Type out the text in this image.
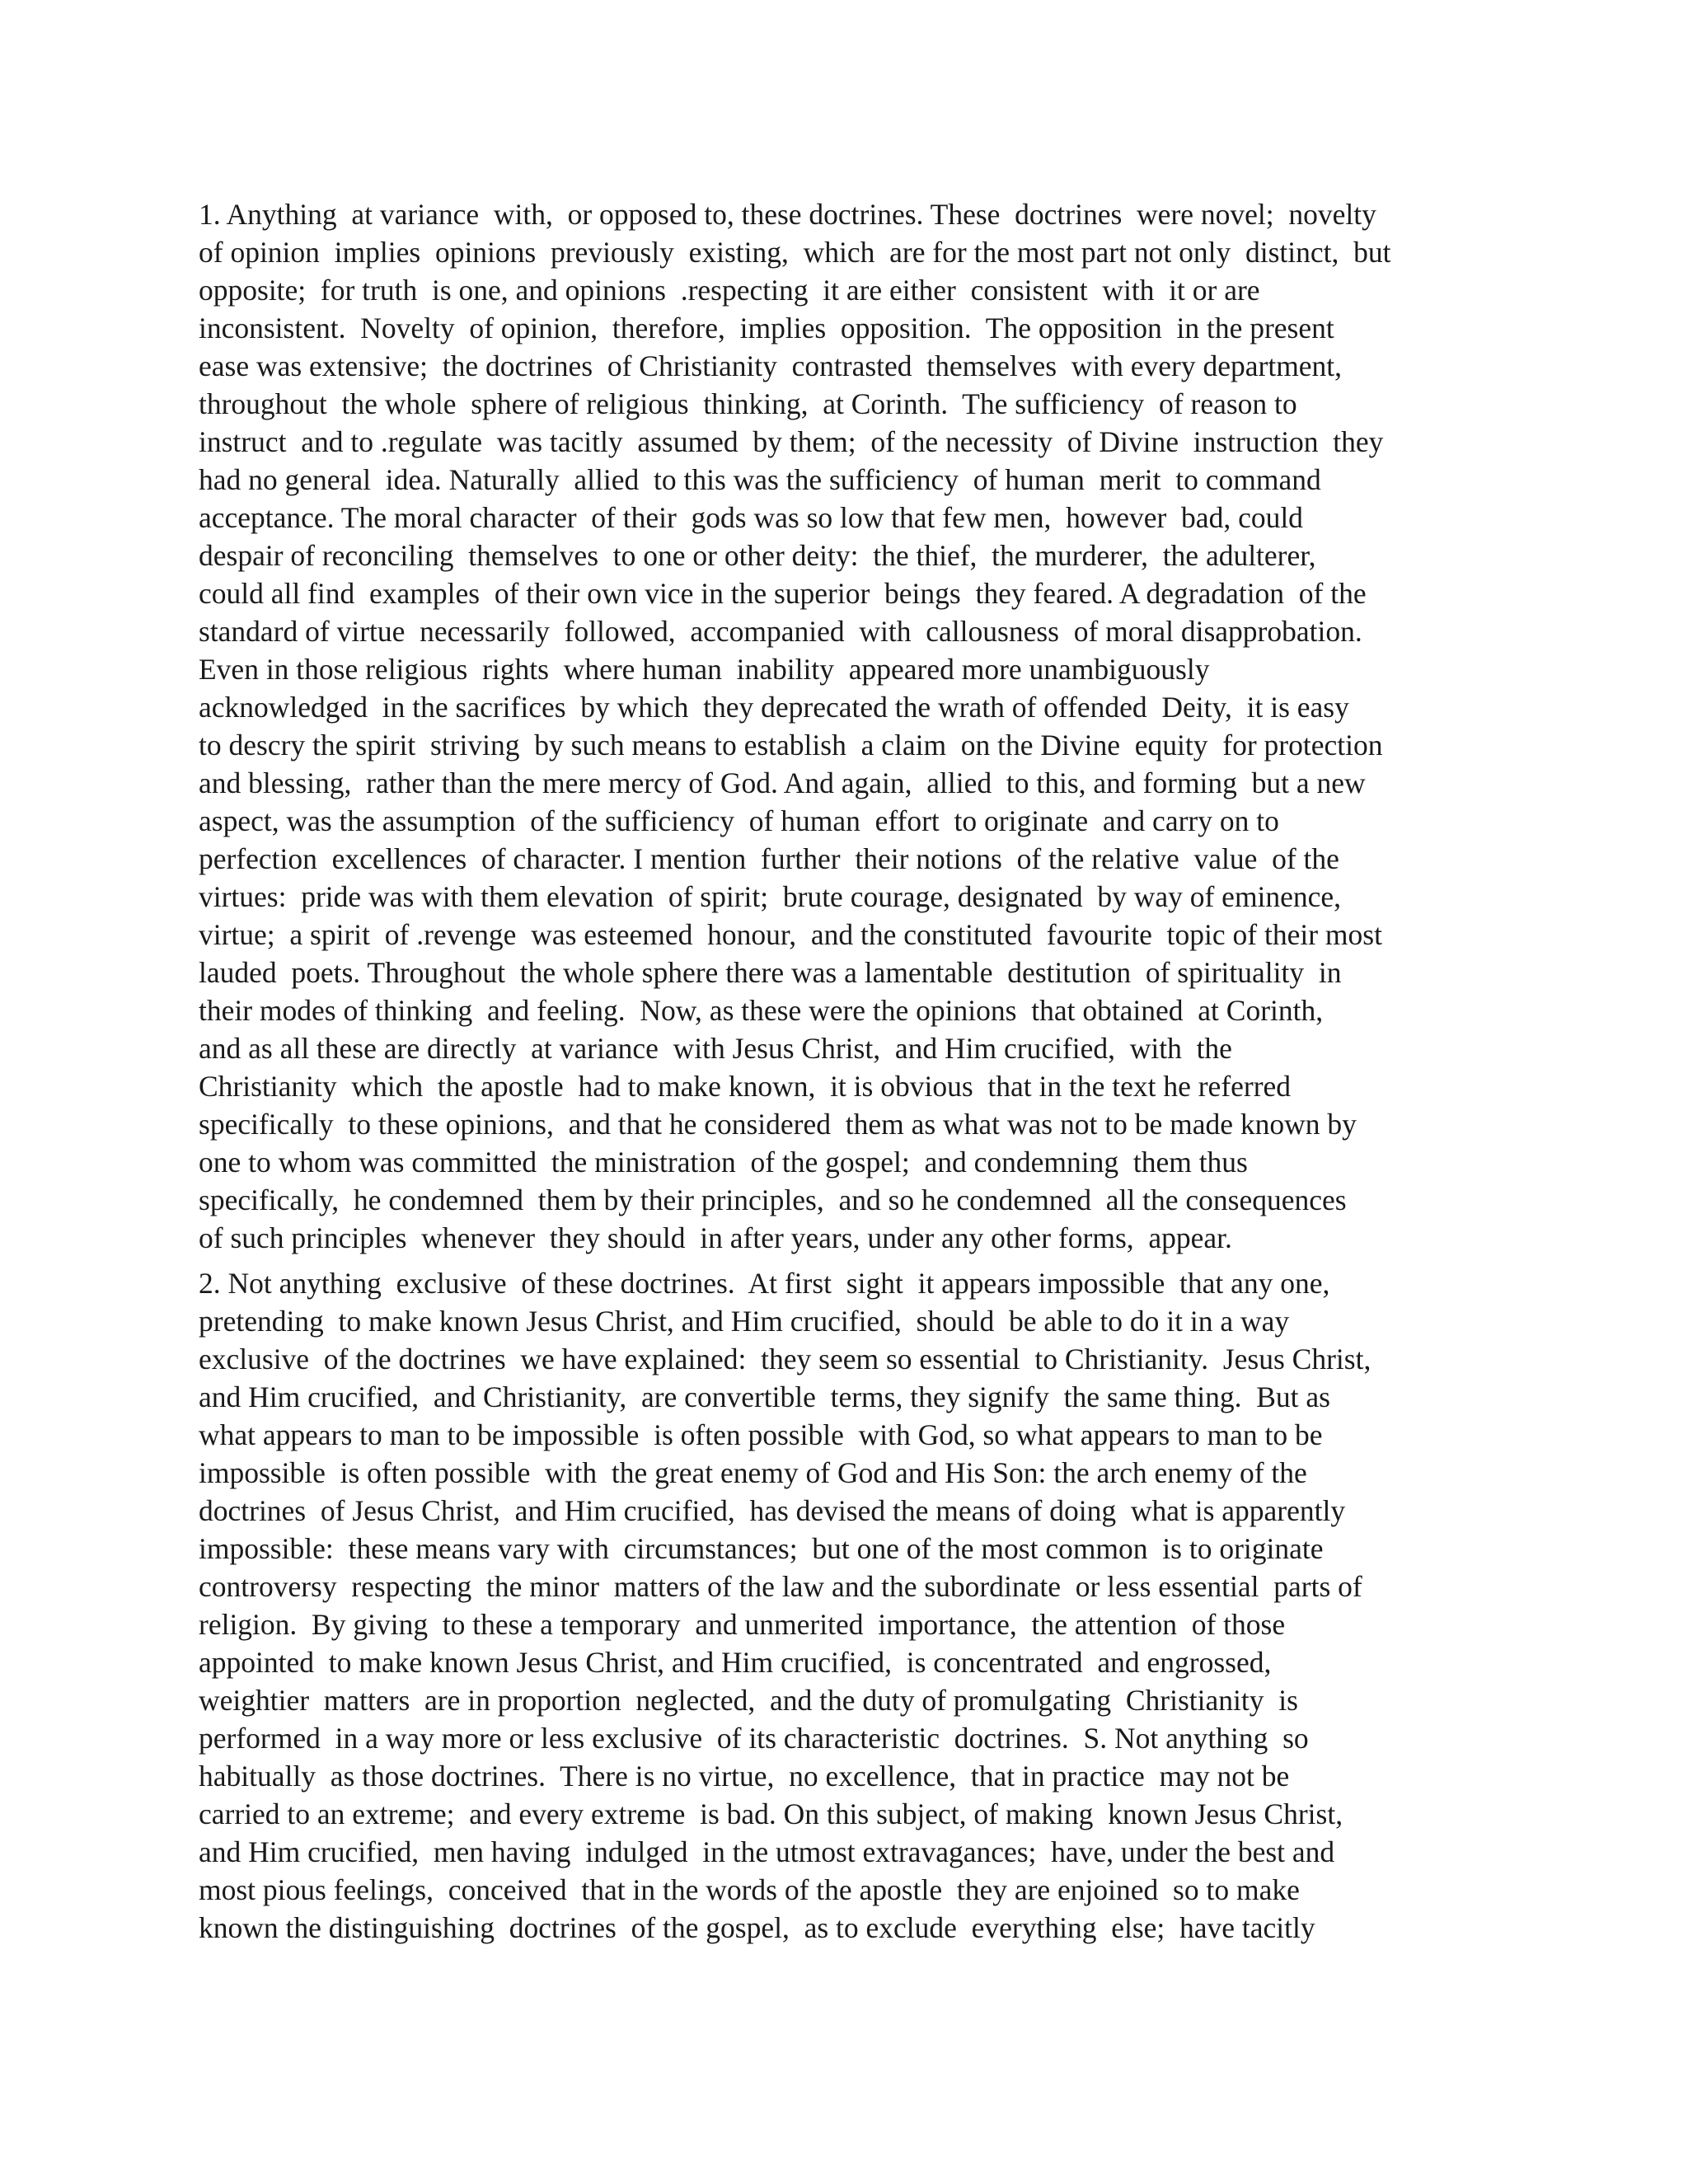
1. Anything  at variance  with,  or opposed to, these doctrines. These  doctrines  were novel;  novelty
of opinion  implies  opinions  previously  existing,  which  are for the most part not only  distinct,  but
opposite;  for truth  is one, and opinions  .respecting  it are either  consistent  with  it or are
inconsistent.  Novelty  of opinion,  therefore,  implies  opposition.  The opposition  in the present
ease was extensive;  the doctrines  of Christianity  contrasted  themselves  with every department,
throughout  the whole  sphere of religious  thinking,  at Corinth.  The sufficiency  of reason to
instruct  and to .regulate  was tacitly  assumed  by them;  of the necessity  of Divine  instruction  they
had no general  idea. Naturally  allied  to this was the sufficiency  of human  merit  to command
acceptance. The moral character  of their  gods was so low that few men,  however  bad, could
despair of reconciling  themselves  to one or other deity:  the thief,  the murderer,  the adulterer,
could all find  examples  of their own vice in the superior  beings  they feared. A degradation  of the
standard of virtue  necessarily  followed,  accompanied  with  callousness  of moral disapprobation.
Even in those religious  rights  where human  inability  appeared more unambiguously
acknowledged  in the sacrifices  by which  they deprecated the wrath of offended  Deity,  it is easy
to descry the spirit  striving  by such means to establish  a claim  on the Divine  equity  for protection
and blessing,  rather than the mere mercy of God. And again,  allied  to this, and forming  but a new
aspect, was the assumption  of the sufficiency  of human  effort  to originate  and carry on to
perfection  excellences  of character. I mention  further  their notions  of the relative  value  of the
virtues:  pride was with them elevation  of spirit;  brute courage, designated  by way of eminence,
virtue;  a spirit  of .revenge  was esteemed  honour,  and the constituted  favourite  topic of their most
lauded  poets. Throughout  the whole sphere there was a lamentable  destitution  of spirituality  in
their modes of thinking  and feeling.  Now, as these were the opinions  that obtained  at Corinth,
and as all these are directly  at variance  with Jesus Christ,  and Him crucified,  with  the
Christianity  which  the apostle  had to make known,  it is obvious  that in the text he referred
specifically  to these opinions,  and that he considered  them as what was not to be made known by
one to whom was committed  the ministration  of the gospel;  and condemning  them thus
specifically,  he condemned  them by their principles,  and so he condemned  all the consequences
of such principles  whenever  they should  in after years, under any other forms,  appear.

2. Not anything  exclusive  of these doctrines.  At first  sight  it appears impossible  that any one,
pretending  to make known Jesus Christ, and Him crucified,  should  be able to do it in a way
exclusive  of the doctrines  we have explained:  they seem so essential  to Christianity.  Jesus Christ,
and Him crucified,  and Christianity,  are convertible  terms, they signify  the same thing.  But as
what appears to man to be impossible  is often possible  with God, so what appears to man to be
impossible  is often possible  with  the great enemy of God and His Son: the arch enemy of the
doctrines  of Jesus Christ,  and Him crucified,  has devised the means of doing  what is apparently
impossible:  these means vary with  circumstances;  but one of the most common  is to originate
controversy  respecting  the minor  matters of the law and the subordinate  or less essential  parts of
religion.  By giving  to these a temporary  and unmerited  importance,  the attention  of those
appointed  to make known Jesus Christ, and Him crucified,  is concentrated  and engrossed,
weightier  matters  are in proportion  neglected,  and the duty of promulgating  Christianity  is
performed  in a way more or less exclusive  of its characteristic  doctrines.  S. Not anything  so
habitually  as those doctrines.  There is no virtue,  no excellence,  that in practice  may not be
carried to an extreme;  and every extreme  is bad. On this subject, of making  known Jesus Christ,
and Him crucified,  men having  indulged  in the utmost extravagances;  have, under the best and
most pious feelings,  conceived  that in the words of the apostle  they are enjoined  so to make
known the distinguishing  doctrines  of the gospel,  as to exclude  everything  else;  have tacitly
